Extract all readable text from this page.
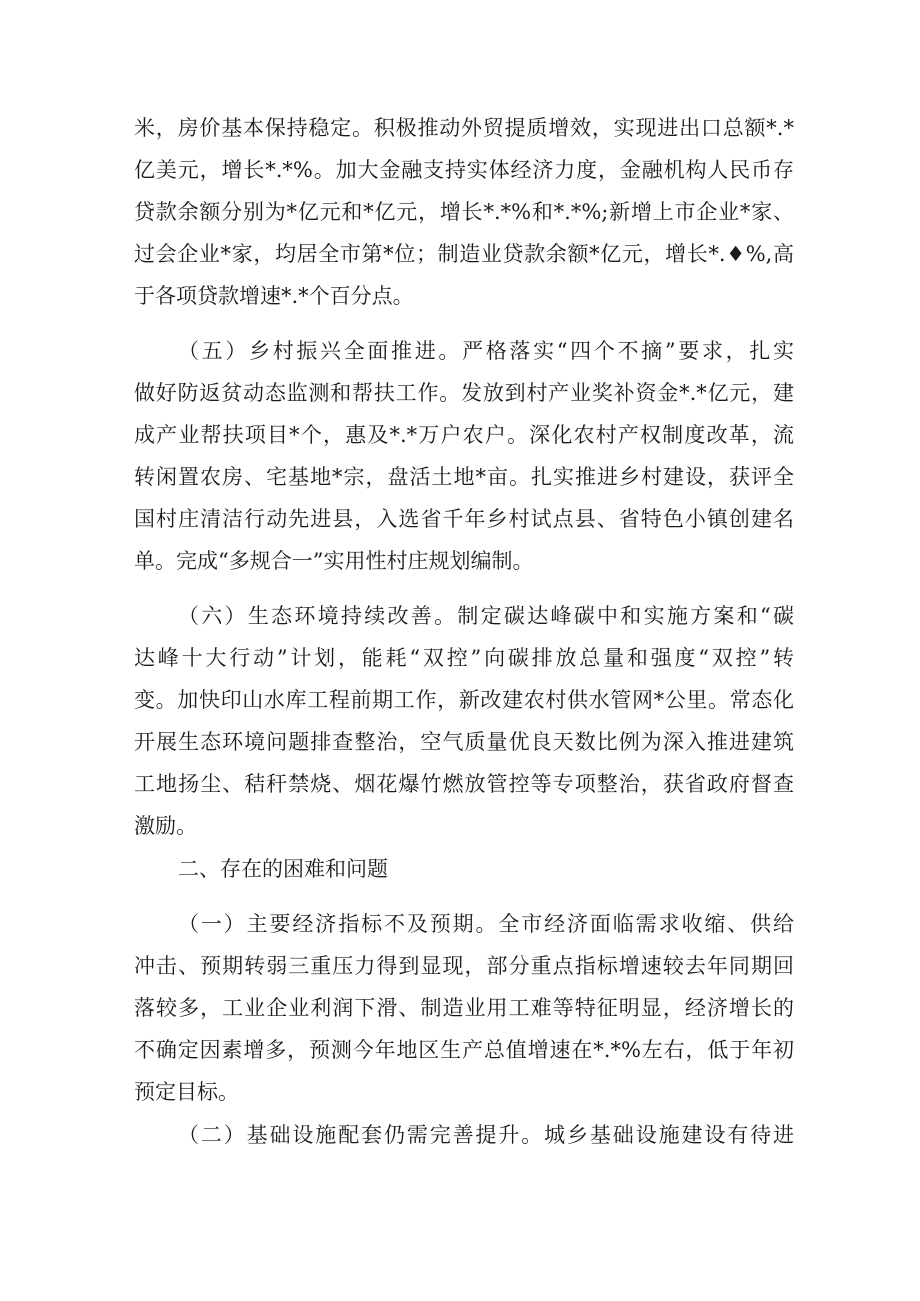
米，房价基本保持稳定。积极推动外贸提质增效，实现进出口总额*.*
亿美元，增长*.*%。加大金融支持实体经济力度，金融机构人民币存
贷款余额分别为*亿元和*亿元，增长*.*%和*.*%;新增上市企业*家、
过会企业*家，均居全市第*位；制造业贷款余额*亿元，增长*.♦%,高
于各项贷款增速*.*个百分点。
（五）乡村振兴全面推进。严格落实“四个不摘”要求，扎实
做好防返贫动态监测和帮扶工作。发放到村产业奖补资金*.*亿元，建
成产业帮扶项目*个，惠及*.*万户农户。深化农村产权制度改革，流
转闲置农房、宅基地*宗，盘活土地*亩。扎实推进乡村建设，获评全
国村庄清洁行动先进县，入选省千年乡村试点县、省特色小镇创建名
单。完成“多规合一”实用性村庄规划编制。
（六）生态环境持续改善。制定碳达峰碳中和实施方案和“碳
达峰十大行动”计划，能耗“双控”向碳排放总量和强度“双控”转
变。加快印山水库工程前期工作，新改建农村供水管网*公里。常态化
开展生态环境问题排查整治，空气质量优良天数比例为深入推进建筑
工地扬尘、秸秆禁烧、烟花爆竹燃放管控等专项整治，获省政府督查
激励。
二、存在的困难和问题
（一）主要经济指标不及预期。全市经济面临需求收缩、供给
冲击、预期转弱三重压力得到显现，部分重点指标增速较去年同期回
落较多，工业企业利润下滑、制造业用工难等特征明显，经济增长的
不确定因素增多，预测今年地区生产总值增速在*.*%左右，低于年初
预定目标。
（二）基础设施配套仍需完善提升。城乡基础设施建设有待进
